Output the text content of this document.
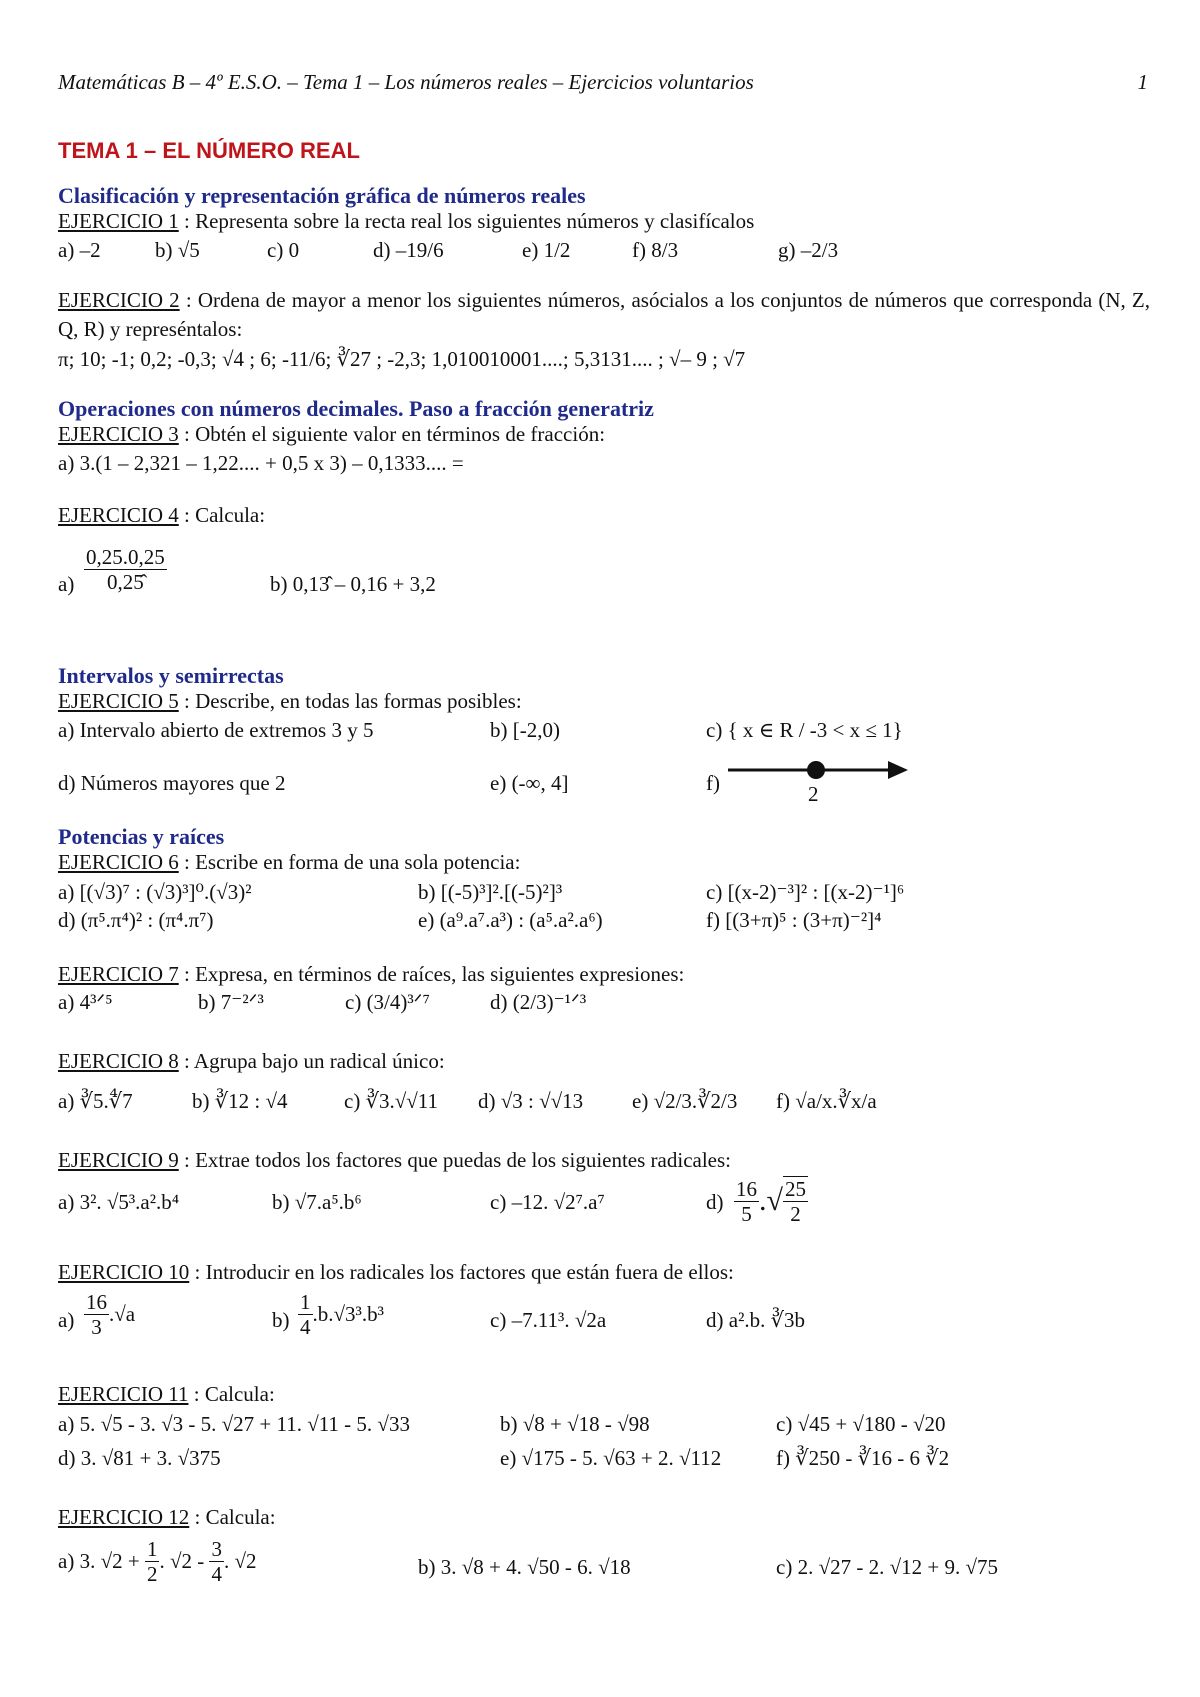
Matemáticas B – 4º E.S.O. – Tema 1 – Los números reales – Ejercicios voluntarios	1
TEMA 1 – EL NÚMERO REAL
Clasificación y representación gráfica de números reales
EJERCICIO 1 : Representa sobre la recta real los siguientes números y clasifícalos
a) –2	b) √5	c) 0	d) –19/6	e) 1/2	f) 8/3	g) –2/3
EJERCICIO 2 : Ordena de mayor a menor los siguientes números, asócialos a los conjuntos de números que corresponda (N, Z, Q, R) y represéntalos:
π; 10; -1; 0,2; -0,3; √4 ; 6; -11/6; ∛27 ; -2,3; 1,010010001....; 5,3131.... ; √– 9 ; √7
Operaciones con números decimales. Paso a fracción generatriz
EJERCICIO 3 : Obtén el siguiente valor en términos de fracción:
a) 3.(1 – 2,321 – 1,22.... + 0,5 x 3) – 0,1333.... =
EJERCICIO 4 : Calcula:
$a) \frac{0,25.0,25}{0,25̂}$	b) 0,13̂ – 0,16 + 3,2
Intervalos y semirrectas
EJERCICIO 5 : Describe, en todas las formas posibles:
a) Intervalo abierto de extremos 3 y 5	b) [-2,0)	c) { x ∈ R / -3 < x ≤ 1}
d) Números mayores que 2	e) (-∞, 4]	f)	2
Potencias y raíces
EJERCICIO 6 : Escribe en forma de una sola potencia:
a) [(√3)⁷ : (√3)³]⁰.(√3)²	b) [(-5)³]².[(-5)²]³	c) [(x-2)⁻³]² : [(x-2)⁻¹]⁶
d) (π⁵.π⁴)² : (π⁴.π⁷)	e) (a⁹.a⁷.a³) : (a⁵.a².a⁶)	f) [(3+π)⁵ : (3+π)⁻²]⁴
EJERCICIO 7 : Expresa, en términos de raíces, las siguientes expresiones:
a) 4³ᐟ⁵	b) 7⁻²ᐟ³	c) (3/4)³ᐟ⁷	d) (2/3)⁻¹ᐟ³
EJERCICIO 8 : Agrupa bajo un radical único:
a) ∛5.∜7	b) ∛12 : √4	c) ∛3.√√11 d) √3 : √√13 e) √2/3.∛2/3 f) √a/x.∛x/a
EJERCICIO 9 : Extrae todos los factores que puedas de los siguientes radicales:
a) 3². √5³.a².b⁴	b) √7.a⁵.b⁶	c) –12. √2⁷.a⁷	$d) \frac{16}{5}$ .√ $\frac{25}{2}$
EJERCICIO 10 : Introducir en los radicales los factores que están fuera de ellos:
$a) \frac{16}{3} .√a$	$b) \frac{1}{4} .b.√3^3.b^3$	c) –7.11³. √2a	d) a².b. ∛3b
EJERCICIO 11 : Calcula:
a) 5. √5 - 3. √3 - 5. √27 + 11. √11 - 5. √33	b) √8 + √18 - √98	c) √45 + √180 - √20
d) 3. √81 + 3. √375	e) √175 - 5. √63 + 2. √112	f) ∛250 - ∛16 - 6 ∛2
EJERCICIO 12 : Calcula:
a) 3. $√2 + \frac{1}{2}$ . $√2 - \frac{3}{4}$ . √2	b) 3. √8 + 4. √50 - 6. √18	c) 2. √27 - 2. √12 + 9. √75
